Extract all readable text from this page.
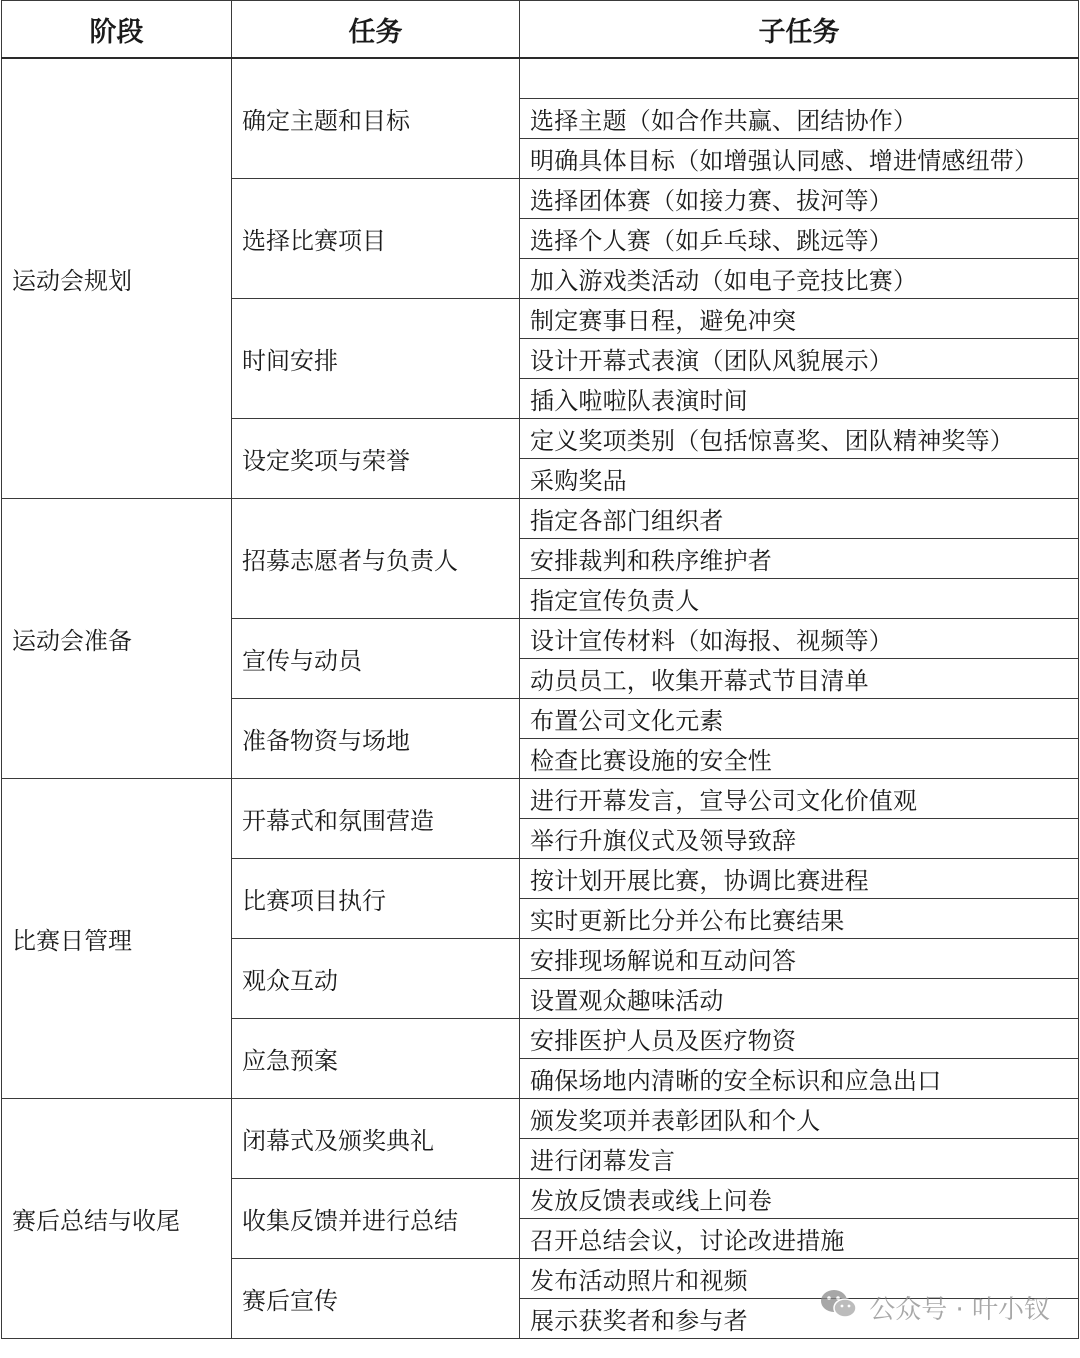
阶段	任务	子任务
运动会规划	确定主题和目标	
		选择主题（如合作共赢、团结协作）
		明确具体目标（如增强认同感、增进情感纽带）
	选择比赛项目	选择团体赛（如接力赛、拔河等）
		选择个人赛（如乒乓球、跳远等）
		加入游戏类活动（如电子竞技比赛）
	时间安排	制定赛事日程，避免冲突
		设计开幕式表演（团队风貌展示）
		插入啦啦队表演时间
	设定奖项与荣誉	定义奖项类别（包括惊喜奖、团队精神奖等）
		采购奖品
运动会准备	招募志愿者与负责人	指定各部门组织者
		安排裁判和秩序维护者
		指定宣传负责人
	宣传与动员	设计宣传材料（如海报、视频等）
		动员员工，收集开幕式节目清单
	准备物资与场地	布置公司文化元素
		检查比赛设施的安全性
比赛日管理	开幕式和氛围营造	进行开幕发言，宣导公司文化价值观
		举行升旗仪式及领导致辞
	比赛项目执行	按计划开展比赛，协调比赛进程
		实时更新比分并公布比赛结果
	观众互动	安排现场解说和互动问答
		设置观众趣味活动
	应急预案	安排医护人员及医疗物资
		确保场地内清晰的安全标识和应急出口
赛后总结与收尾	闭幕式及颁奖典礼	颁发奖项并表彰团队和个人
		进行闭幕发言
	收集反馈并进行总结	发放反馈表或线上问卷
		召开总结会议，讨论改进措施
	赛后宣传	发布活动照片和视频
		展示获奖者和参与者	公众号 · 叶小钗
